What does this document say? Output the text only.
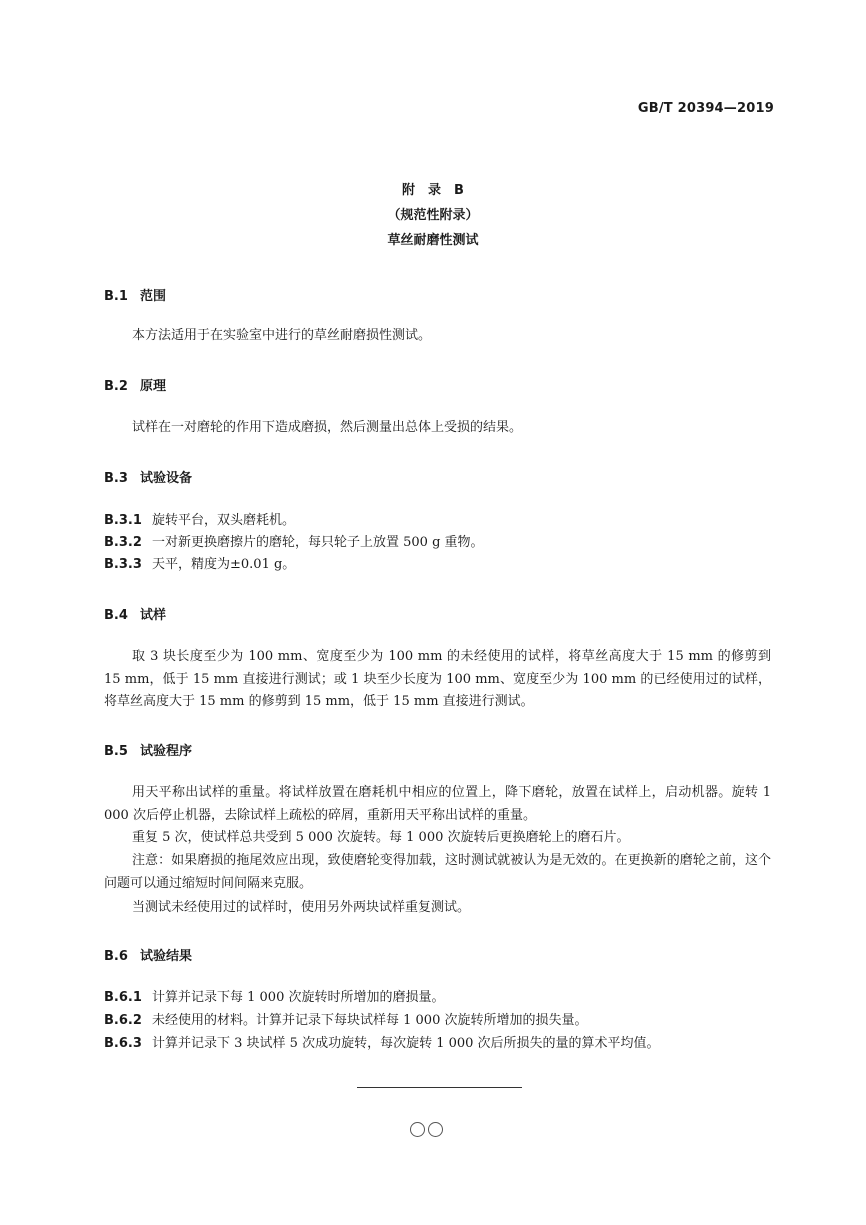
GB/T 20394—2019
附　录　B
（规范性附录）
草丝耐磨性测试
B.1 范围
本方法适用于在实验室中进行的草丝耐磨损性测试。
B.2 原理
试样在一对磨轮的作用下造成磨损，然后测量出总体上受损的结果。
B.3 试验设备
B.3.1 旋转平台，双头磨耗机。
B.3.2 一对新更换磨擦片的磨轮，每只轮子上放置 500 g 重物。
B.3.3 天平，精度为±0.01 g。
B.4 试样
取 3 块长度至少为 100 mm、宽度至少为 100 mm 的未经使用的试样，将草丝高度大于 15 mm 的修剪到 15 mm，低于 15 mm 直接进行测试；或 1 块至少长度为 100 mm、宽度至少为 100 mm 的已经使用过的试样，将草丝高度大于 15 mm 的修剪到 15 mm，低于 15 mm 直接进行测试。
B.5 试验程序
用天平称出试样的重量。将试样放置在磨耗机中相应的位置上，降下磨轮，放置在试样上，启动机器。旋转 1 000 次后停止机器，去除试样上疏松的碎屑，重新用天平称出试样的重量。
重复 5 次，使试样总共受到 5 000 次旋转。每 1 000 次旋转后更换磨轮上的磨石片。
注意：如果磨损的拖尾效应出现，致使磨轮变得加载，这时测试就被认为是无效的。在更换新的磨轮之前，这个问题可以通过缩短时间间隔来克服。
当测试未经使用过的试样时，使用另外两块试样重复测试。
B.6 试验结果
B.6.1 计算并记录下每 1 000 次旋转时所增加的磨损量。
B.6.2 未经使用的材料。计算并记录下每块试样每 1 000 次旋转所增加的损失量。
B.6.3 计算并记录下 3 块试样 5 次成功旋转，每次旋转 1 000 次后所损失的量的算术平均值。
